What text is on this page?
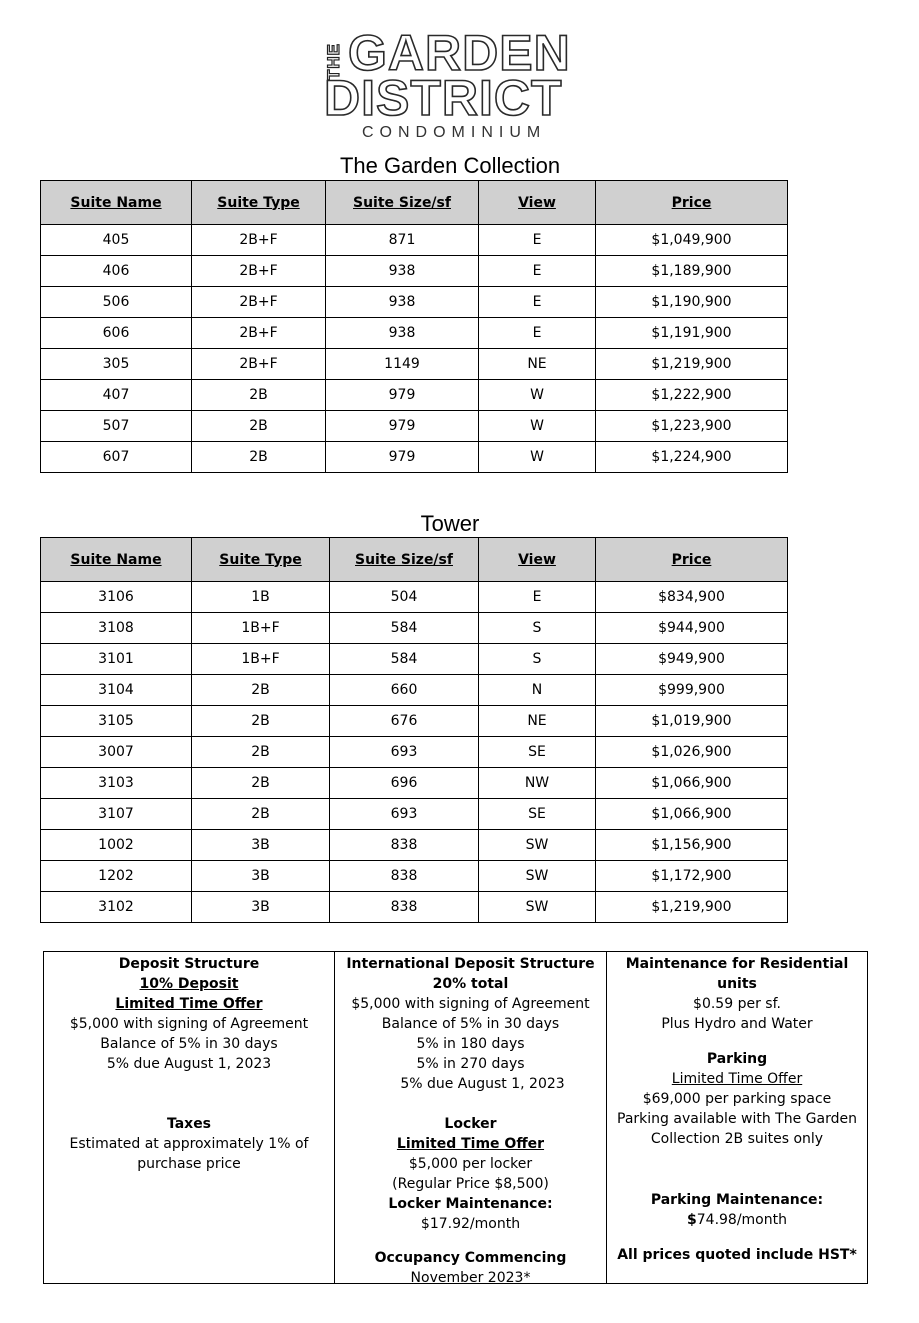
THE GARDEN
DISTRICT
CONDOMINIUM
The Garden Collection
Suite Name	Suite Type	Suite Size/sf	View	Price
405	2B+F	871	E	$1,049,900
406	2B+F	938	E	$1,189,900
506	2B+F	938	E	$1,190,900
606	2B+F	938	E	$1,191,900
305	2B+F	1149	NE	$1,219,900
407	2B	979	W	$1,222,900
507	2B	979	W	$1,223,900
607	2B	979	W	$1,224,900
Tower
Suite Name	Suite Type	Suite Size/sf	View	Price
3106	1B	504	E	$834,900
3108	1B+F	584	S	$944,900
3101	1B+F	584	S	$949,900
3104	2B	660	N	$999,900
3105	2B	676	NE	$1,019,900
3007	2B	693	SE	$1,026,900
3103	2B	696	NW	$1,066,900
3107	2B	693	SE	$1,066,900
1002	3B	838	SW	$1,156,900
1202	3B	838	SW	$1,172,900
3102	3B	838	SW	$1,219,900
Deposit Structure
10% Deposit
Limited Time Offer
$5,000 with signing of Agreement
Balance of 5% in 30 days
5% due August 1, 2023
Taxes
Estimated at approximately 1% of
purchase price
International Deposit Structure
20% total
$5,000 with signing of Agreement
Balance of 5% in 30 days
5% in 180 days
5% in 270 days
5% due August 1, 2023
Locker
Limited Time Offer
$5,000 per locker
(Regular Price $8,500)
Locker Maintenance:
$17.92/month
Occupancy Commencing
November 2023*
Maintenance for Residential units
$0.59 per sf.
Plus Hydro and Water
Parking
Limited Time Offer
$69,000 per parking space
Parking available with The Garden
Collection 2B suites only
Parking Maintenance:
$74.98/month
All prices quoted include HST*
